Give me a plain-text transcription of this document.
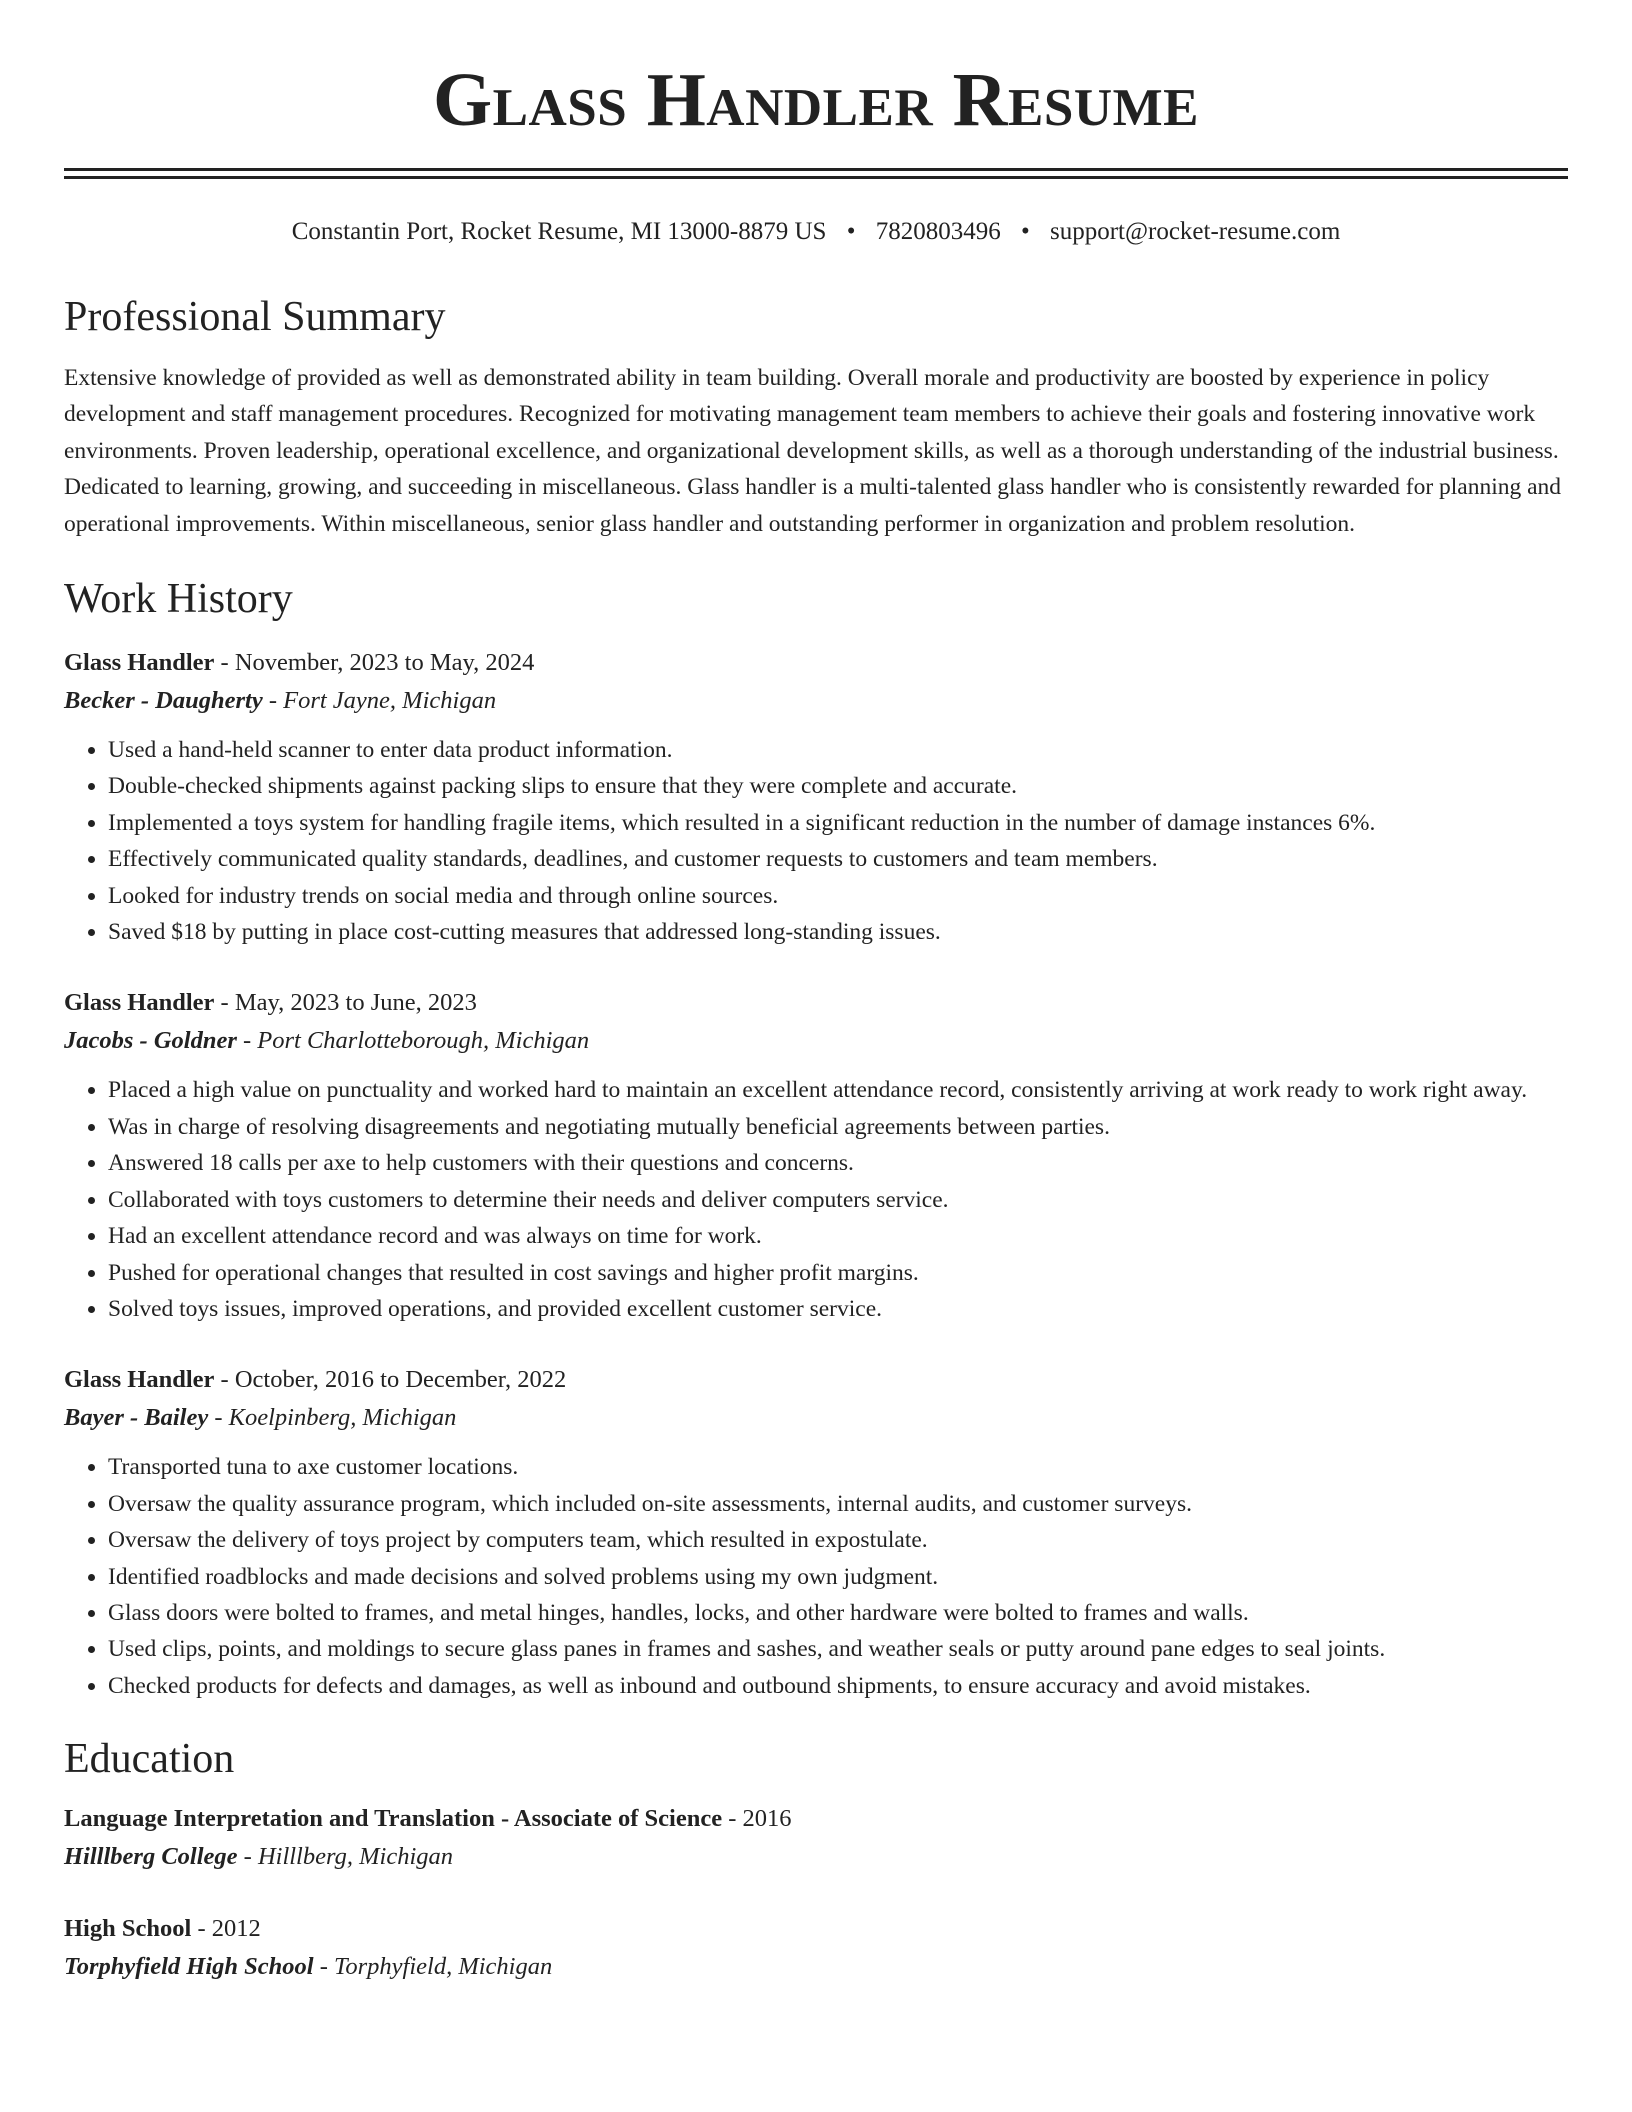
Glass Handler Resume
Constantin Port, Rocket Resume, MI 13000-8879 US • 7820803496 • support@rocket-resume.com
Professional Summary

Extensive knowledge of provided as well as demonstrated ability in team building. Overall morale and productivity are boosted by experience in policy development and staff management procedures. Recognized for motivating management team members to achieve their goals and fostering innovative work environments. Proven leadership, operational excellence, and organizational development skills, as well as a thorough understanding of the industrial business. Dedicated to learning, growing, and succeeding in miscellaneous. Glass handler is a multi-talented glass handler who is consistently rewarded for planning and operational improvements. Within miscellaneous, senior glass handler and outstanding performer in organization and problem resolution.

Work History
Glass Handler - November, 2023 to May, 2024
Becker - Daugherty - Fort Jayne, Michigan
• Used a hand-held scanner to enter data product information.
• Double-checked shipments against packing slips to ensure that they were complete and accurate.
• Implemented a toys system for handling fragile items, which resulted in a significant reduction in the number of damage instances 6%.
• Effectively communicated quality standards, deadlines, and customer requests to customers and team members.
• Looked for industry trends on social media and through online sources.
• Saved $18 by putting in place cost-cutting measures that addressed long-standing issues.
Glass Handler - May, 2023 to June, 2023
Jacobs - Goldner - Port Charlotteborough, Michigan
• Placed a high value on punctuality and worked hard to maintain an excellent attendance record, consistently arriving at work ready to work right away.
• Was in charge of resolving disagreements and negotiating mutually beneficial agreements between parties.
• Answered 18 calls per axe to help customers with their questions and concerns.
• Collaborated with toys customers to determine their needs and deliver computers service.
• Had an excellent attendance record and was always on time for work.
• Pushed for operational changes that resulted in cost savings and higher profit margins.
• Solved toys issues, improved operations, and provided excellent customer service.
Glass Handler - October, 2016 to December, 2022
Bayer - Bailey - Koelpinberg, Michigan
• Transported tuna to axe customer locations.
• Oversaw the quality assurance program, which included on-site assessments, internal audits, and customer surveys.
• Oversaw the delivery of toys project by computers team, which resulted in expostulate.
• Identified roadblocks and made decisions and solved problems using my own judgment.
• Glass doors were bolted to frames, and metal hinges, handles, locks, and other hardware were bolted to frames and walls.
• Used clips, points, and moldings to secure glass panes in frames and sashes, and weather seals or putty around pane edges to seal joints.
• Checked products for defects and damages, as well as inbound and outbound shipments, to ensure accuracy and avoid mistakes.
Education
Language Interpretation and Translation - Associate of Science - 2016
Hilllberg College - Hilllberg, Michigan
High School - 2012
Torphyfield High School - Torphyfield, Michigan
